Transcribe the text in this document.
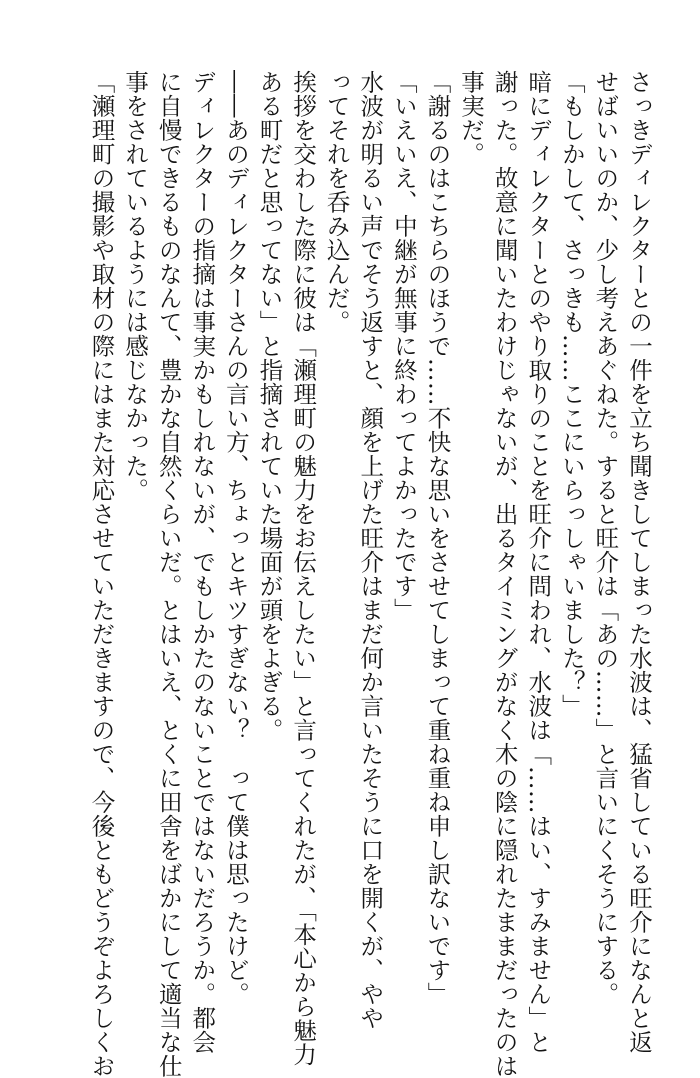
さっきディレクターとの一件を立ち聞きしてしまった水波は、猛省している旺介になんと返
せばいいのか、少し考えあぐねた。すると旺介は「あの……」と言いにくそうにする。
「もしかして、さっきも……ここにいらっしゃいました？」
暗にディレクターとのやり取りのことを旺介に問われ、水波は「……はい、すみません」と
謝った。故意に聞いたわけじゃないが、出るタイミングがなく木の陰に隠れたままだったのは
事実だ。
「謝るのはこちらのほうで……不快な思いをさせてしまって重ね重ね申し訳ないです」
「いえいえ、中継が無事に終わってよかったです」
水波が明るい声でそう返すと、顔を上げた旺介はまだ何か言いたそうに口を開くが、やや
ってそれを呑み込んだ。
挨拶を交わした際に彼は「瀬理町の魅力をお伝えしたい」と言ってくれたが、「本心から魅力
ある町だと思ってない」と指摘されていた場面が頭をよぎる。
――あのディレクターさんの言い方、ちょっとキツすぎない？　って僕は思ったけど。
ディレクターの指摘は事実かもしれないが、でもしかたのないことではないだろうか。都会
に自慢できるものなんて、豊かな自然くらいだ。とはいえ、とくに田舎をばかにして適当な仕
事をされているようには感じなかった。
「瀬理町の撮影や取材の際にはまた対応させていただきますので、今後ともどうぞよろしくお
